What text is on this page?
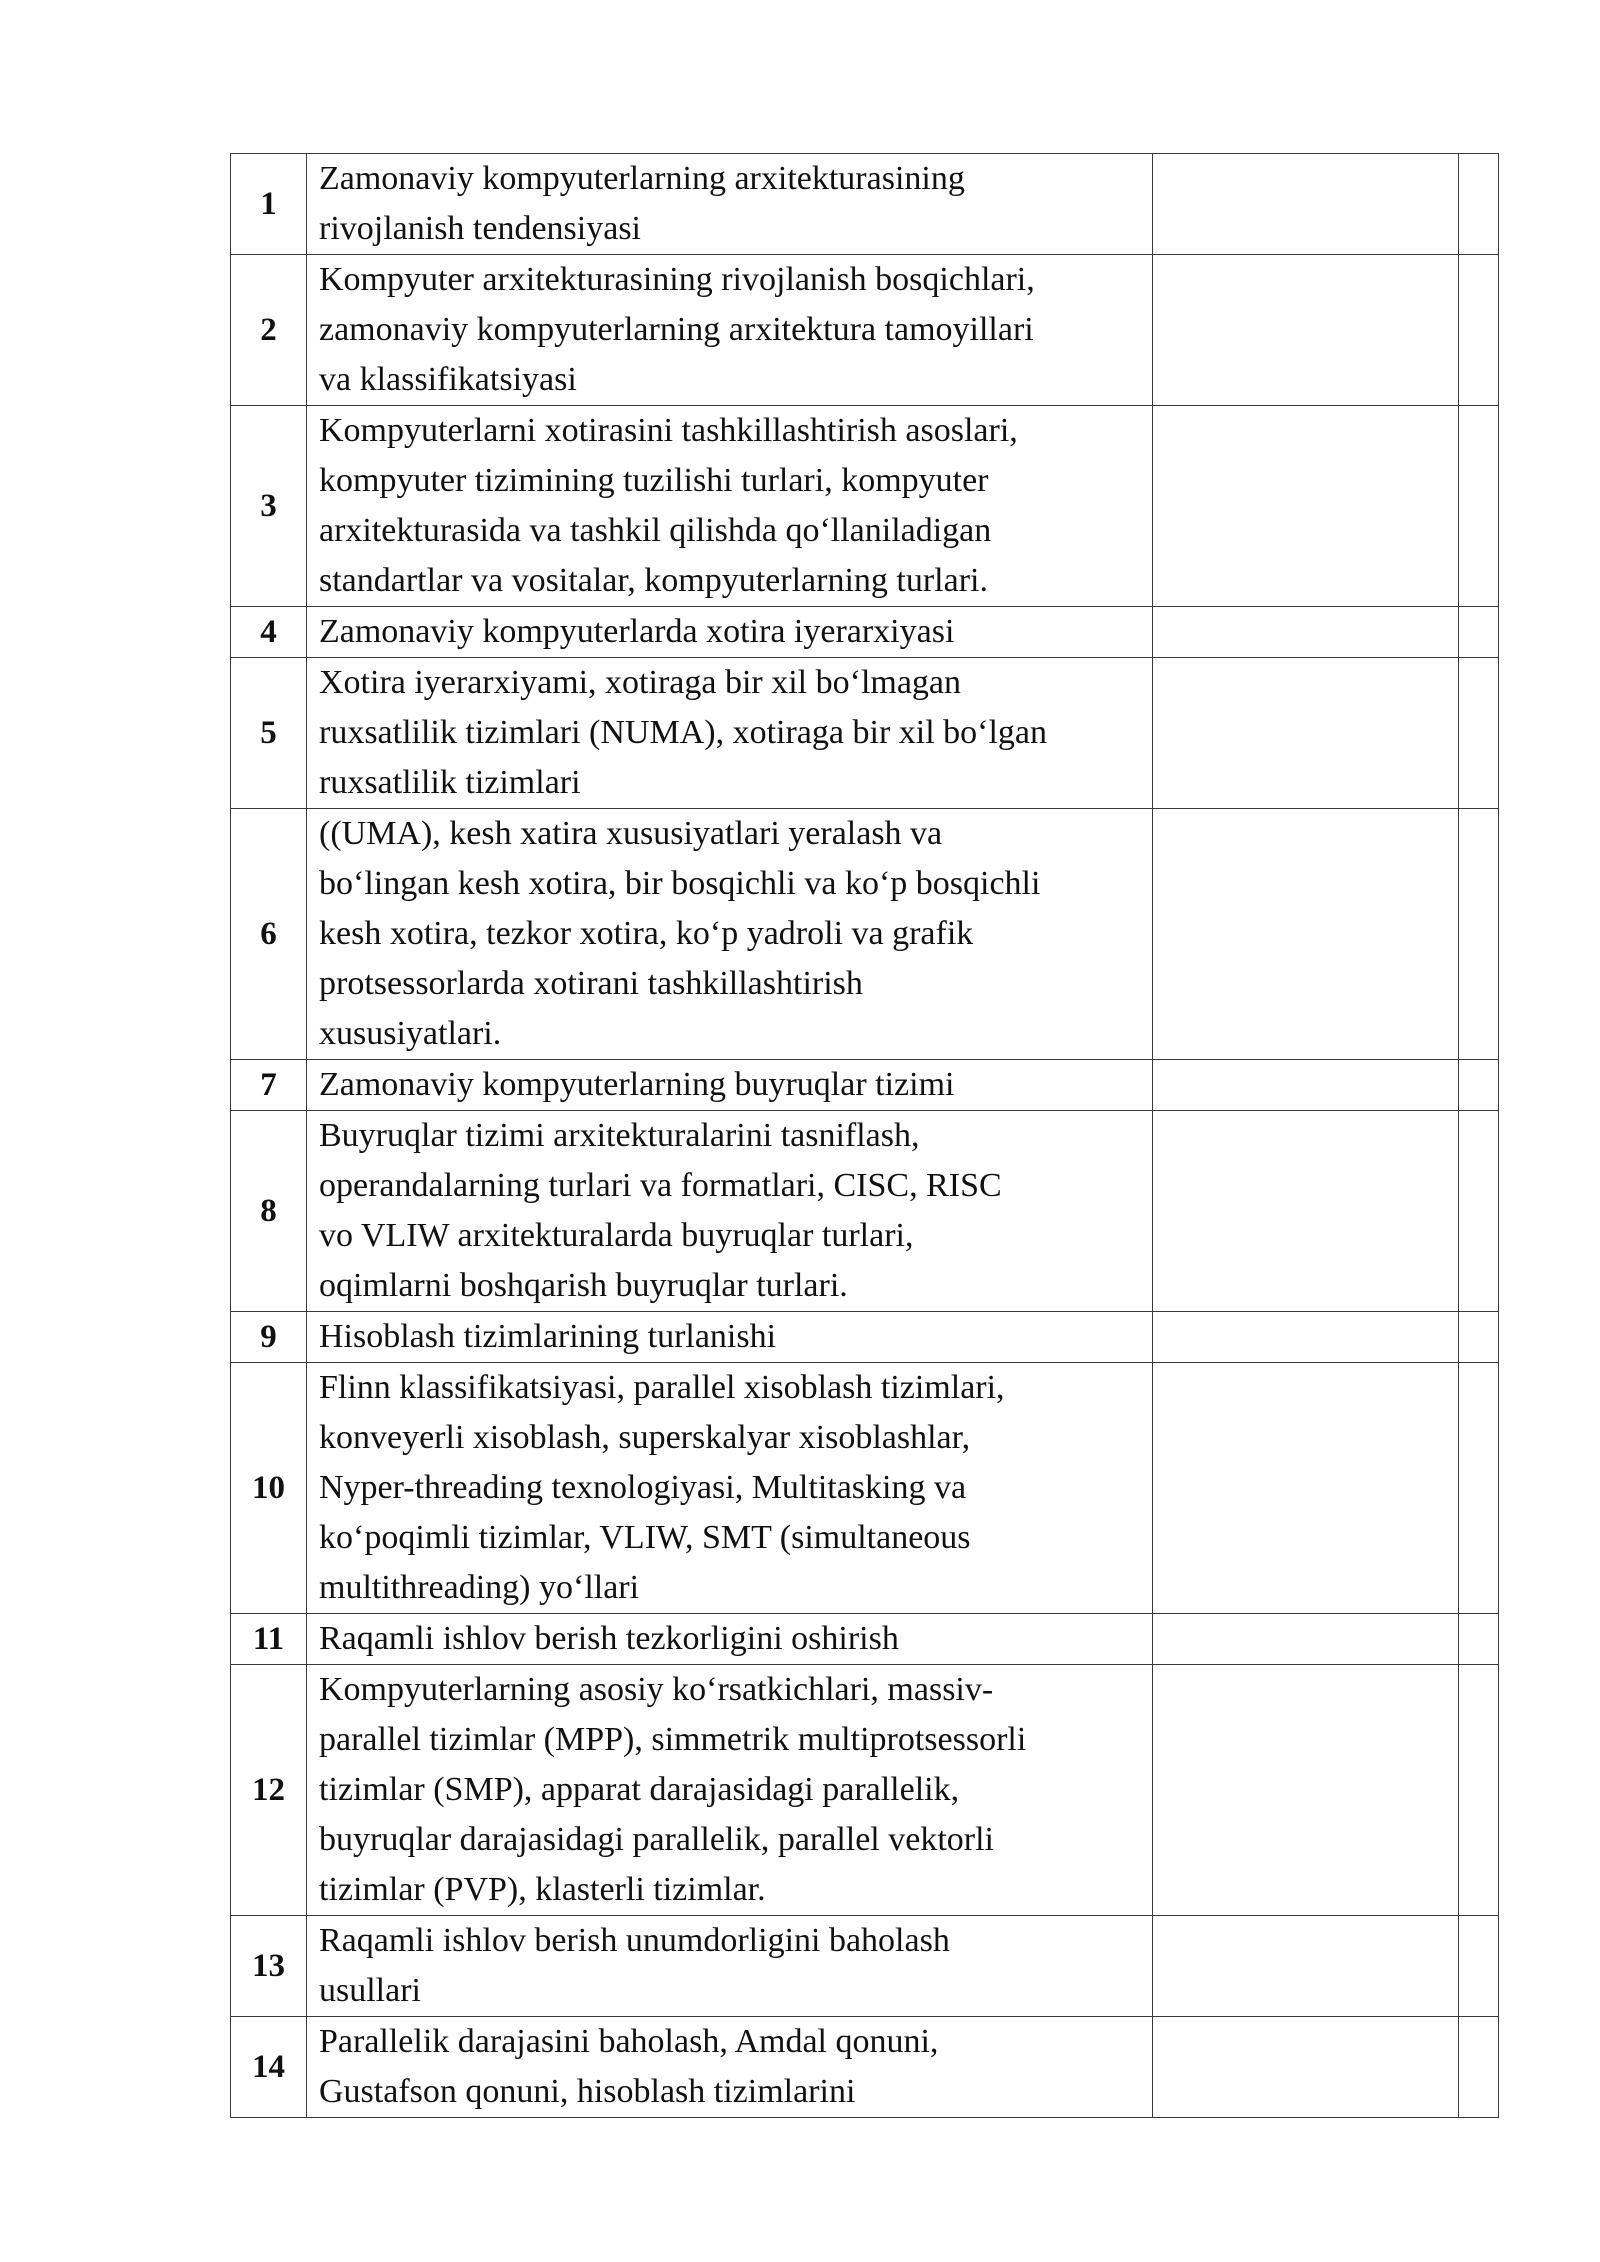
1	Zamonaviy kompyuterlarning arxitekturasining
rivojlanish tendensiyasi		

2	Kompyuter arxitekturasining rivojlanish bosqichlari,
zamonaviy kompyuterlarning arxitektura tamoyillari
va klassifikatsiyasi		

3	Kompyuterlarni xotirasini tashkillashtirish asoslari,
kompyuter tizimining tuzilishi turlari, kompyuter
arxitekturasida va tashkil qilishda qo‘llaniladigan
standartlar va vositalar, kompyuterlarning turlari.		

4	Zamonaviy kompyuterlarda xotira iyerarxiyasi		

5	Xotira iyerarxiyami, xotiraga bir xil bo‘lmagan
ruxsatlilik tizimlari (NUMA), xotiraga bir xil bo‘lgan
ruxsatlilik tizimlari		

6	((UMA), kesh xatira xususiyatlari yeralash va
bo‘lingan kesh xotira, bir bosqichli va ko‘p bosqichli
kesh xotira, tezkor xotira, ko‘p yadroli va grafik
protsessorlarda xotirani tashkillashtirish
xususiyatlari.		

7	Zamonaviy kompyuterlarning buyruqlar tizimi		

8	Buyruqlar tizimi arxitekturalarini tasniflash,
operandalarning turlari va formatlari, CISC, RISC
vo VLIW arxitekturalarda buyruqlar turlari,
oqimlarni boshqarish buyruqlar turlari.		

9	Hisoblash tizimlarining turlanishi		

10	Flinn klassifikatsiyasi, parallel xisoblash tizimlari,
konveyerli xisoblash, superskalyar xisoblashlar,
Nyper-threading texnologiyasi, Multitasking va
ko‘poqimli tizimlar, VLIW, SMT (simultaneous
multithreading) yo‘llari		

11	Raqamli ishlov berish tezkorligini oshirish		

12	Kompyuterlarning asosiy ko‘rsatkichlari, massiv-
parallel tizimlar (MPP), simmetrik multiprotsessorli
tizimlar (SMP), apparat darajasidagi parallelik,
buyruqlar darajasidagi parallelik, parallel vektorli
tizimlar (PVP), klasterli tizimlar.		

13	Raqamli ishlov berish unumdorligini baholash
usullari		

14	Parallelik darajasini baholash, Amdal qonuni,
Gustafson qonuni, hisoblash tizimlarini		
